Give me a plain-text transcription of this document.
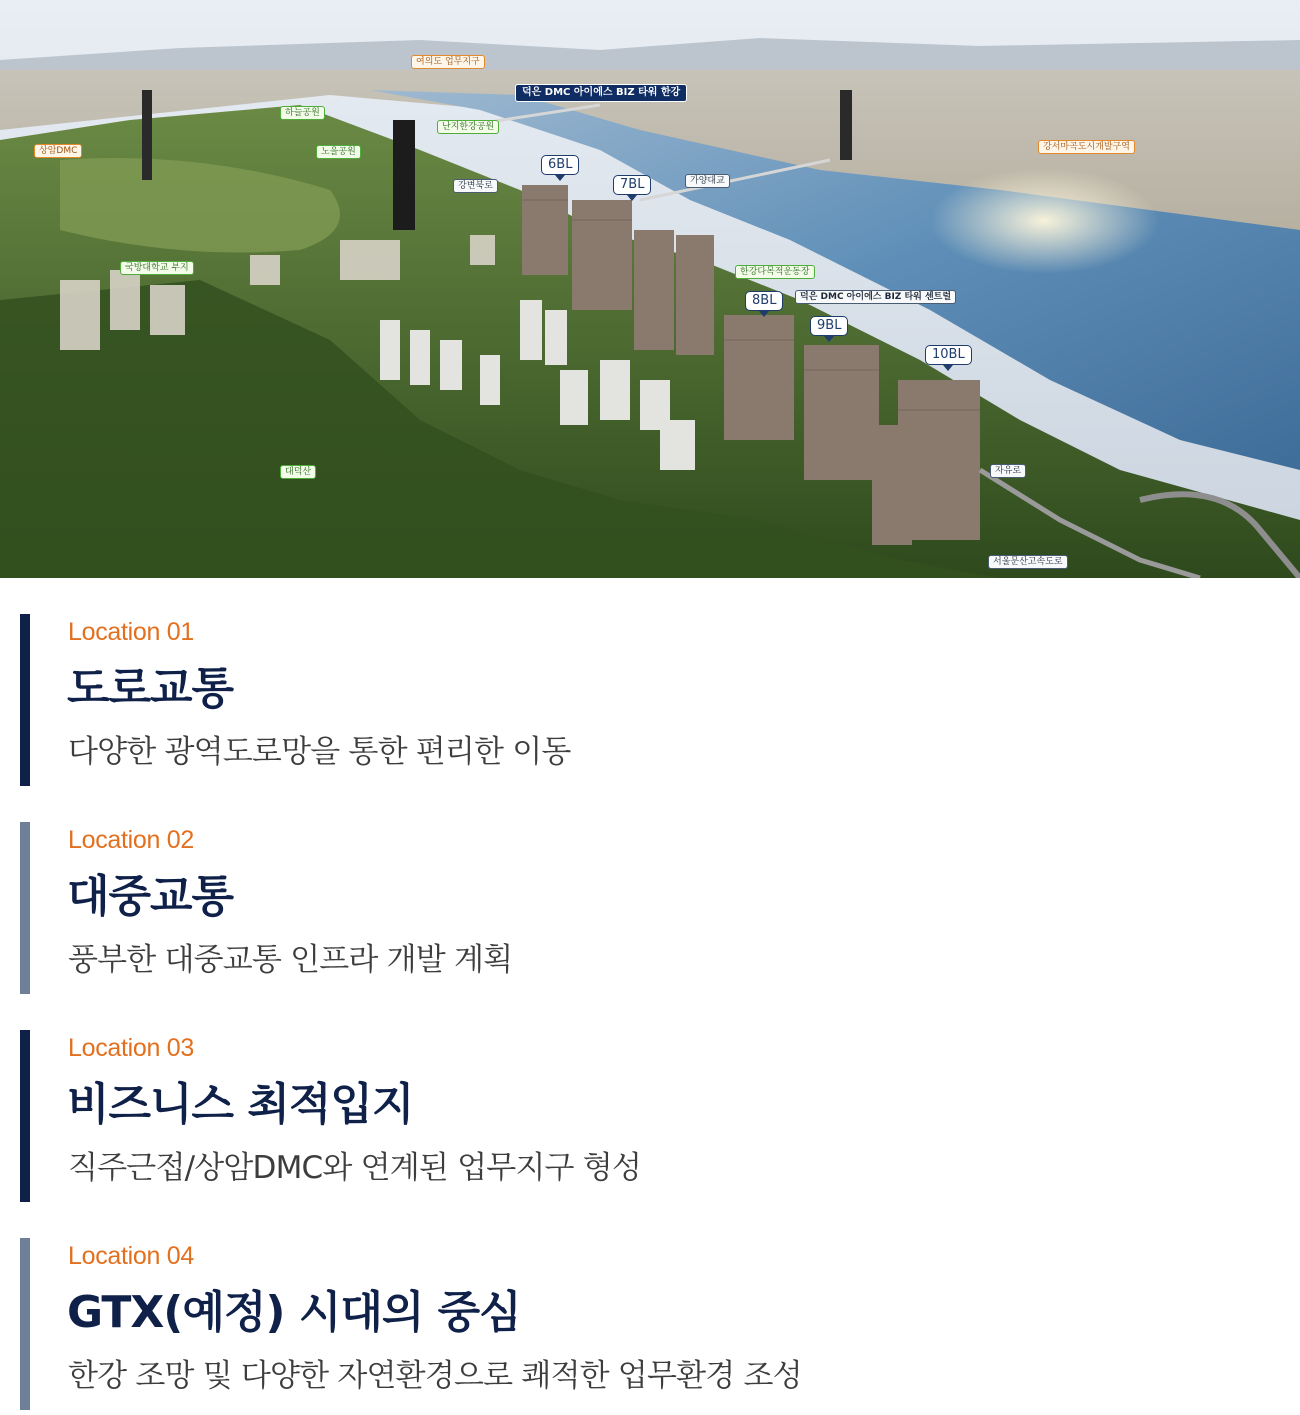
여의도 업무지구
하늘공원
난지한강공원
노을공원
상암DMC
강변북로	가양대교
국방대학교 부지	한강다목적운동장
강서마곡도시개발구역
대덕산	자유로
서울문산고속도로
덕은 DMC 아이에스 BIZ 타워 한강
덕은 DMC 아이에스 BIZ 타워 센트럴
6BL
7BL
8BL
9BL
10BL
Location 01
도로교통
다양한 광역도로망을 통한 편리한 이동
Location 02
대중교통
풍부한 대중교통 인프라 개발 계획
Location 03
비즈니스 최적입지
직주근접/상암DMC와 연계된 업무지구 형성
Location 04
GTX(예정) 시대의 중심
한강 조망 및 다양한 자연환경으로 쾌적한 업무환경 조성
